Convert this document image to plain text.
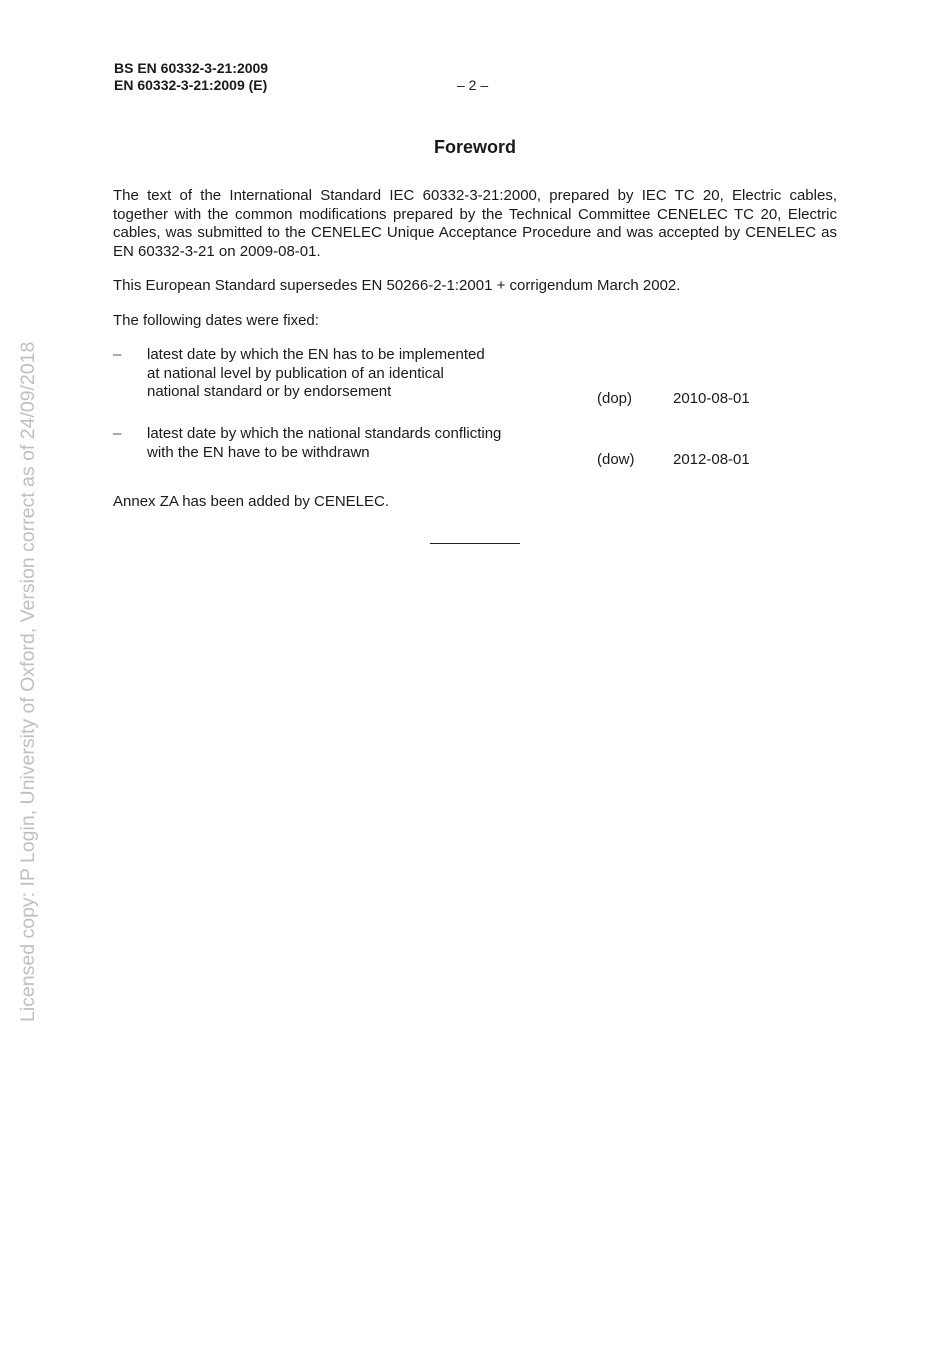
BS EN 60332-3-21:2009
EN 60332-3-21:2009 (E)	– 2 –
Foreword
The text of the International Standard IEC 60332-3-21:2000, prepared by IEC TC 20, Electric cables, together with the common modifications prepared by the Technical Committee CENELEC TC 20, Electric cables, was submitted to the CENELEC Unique Acceptance Procedure and was accepted by CENELEC as EN 60332-3-21 on 2009-08-01.
This European Standard supersedes EN 50266-2-1:2001 + corrigendum March 2002.
The following dates were fixed:
– latest date by which the EN has to be implemented
at national level by publication of an identical
national standard or by endorsement	(dop)	2010-08-01
– latest date by which the national standards conflicting
with the EN have to be withdrawn	(dow)	2012-08-01
Annex ZA has been added by CENELEC.
Licensed copy: IP Login, University of Oxford, Version correct as of 24/09/2018
